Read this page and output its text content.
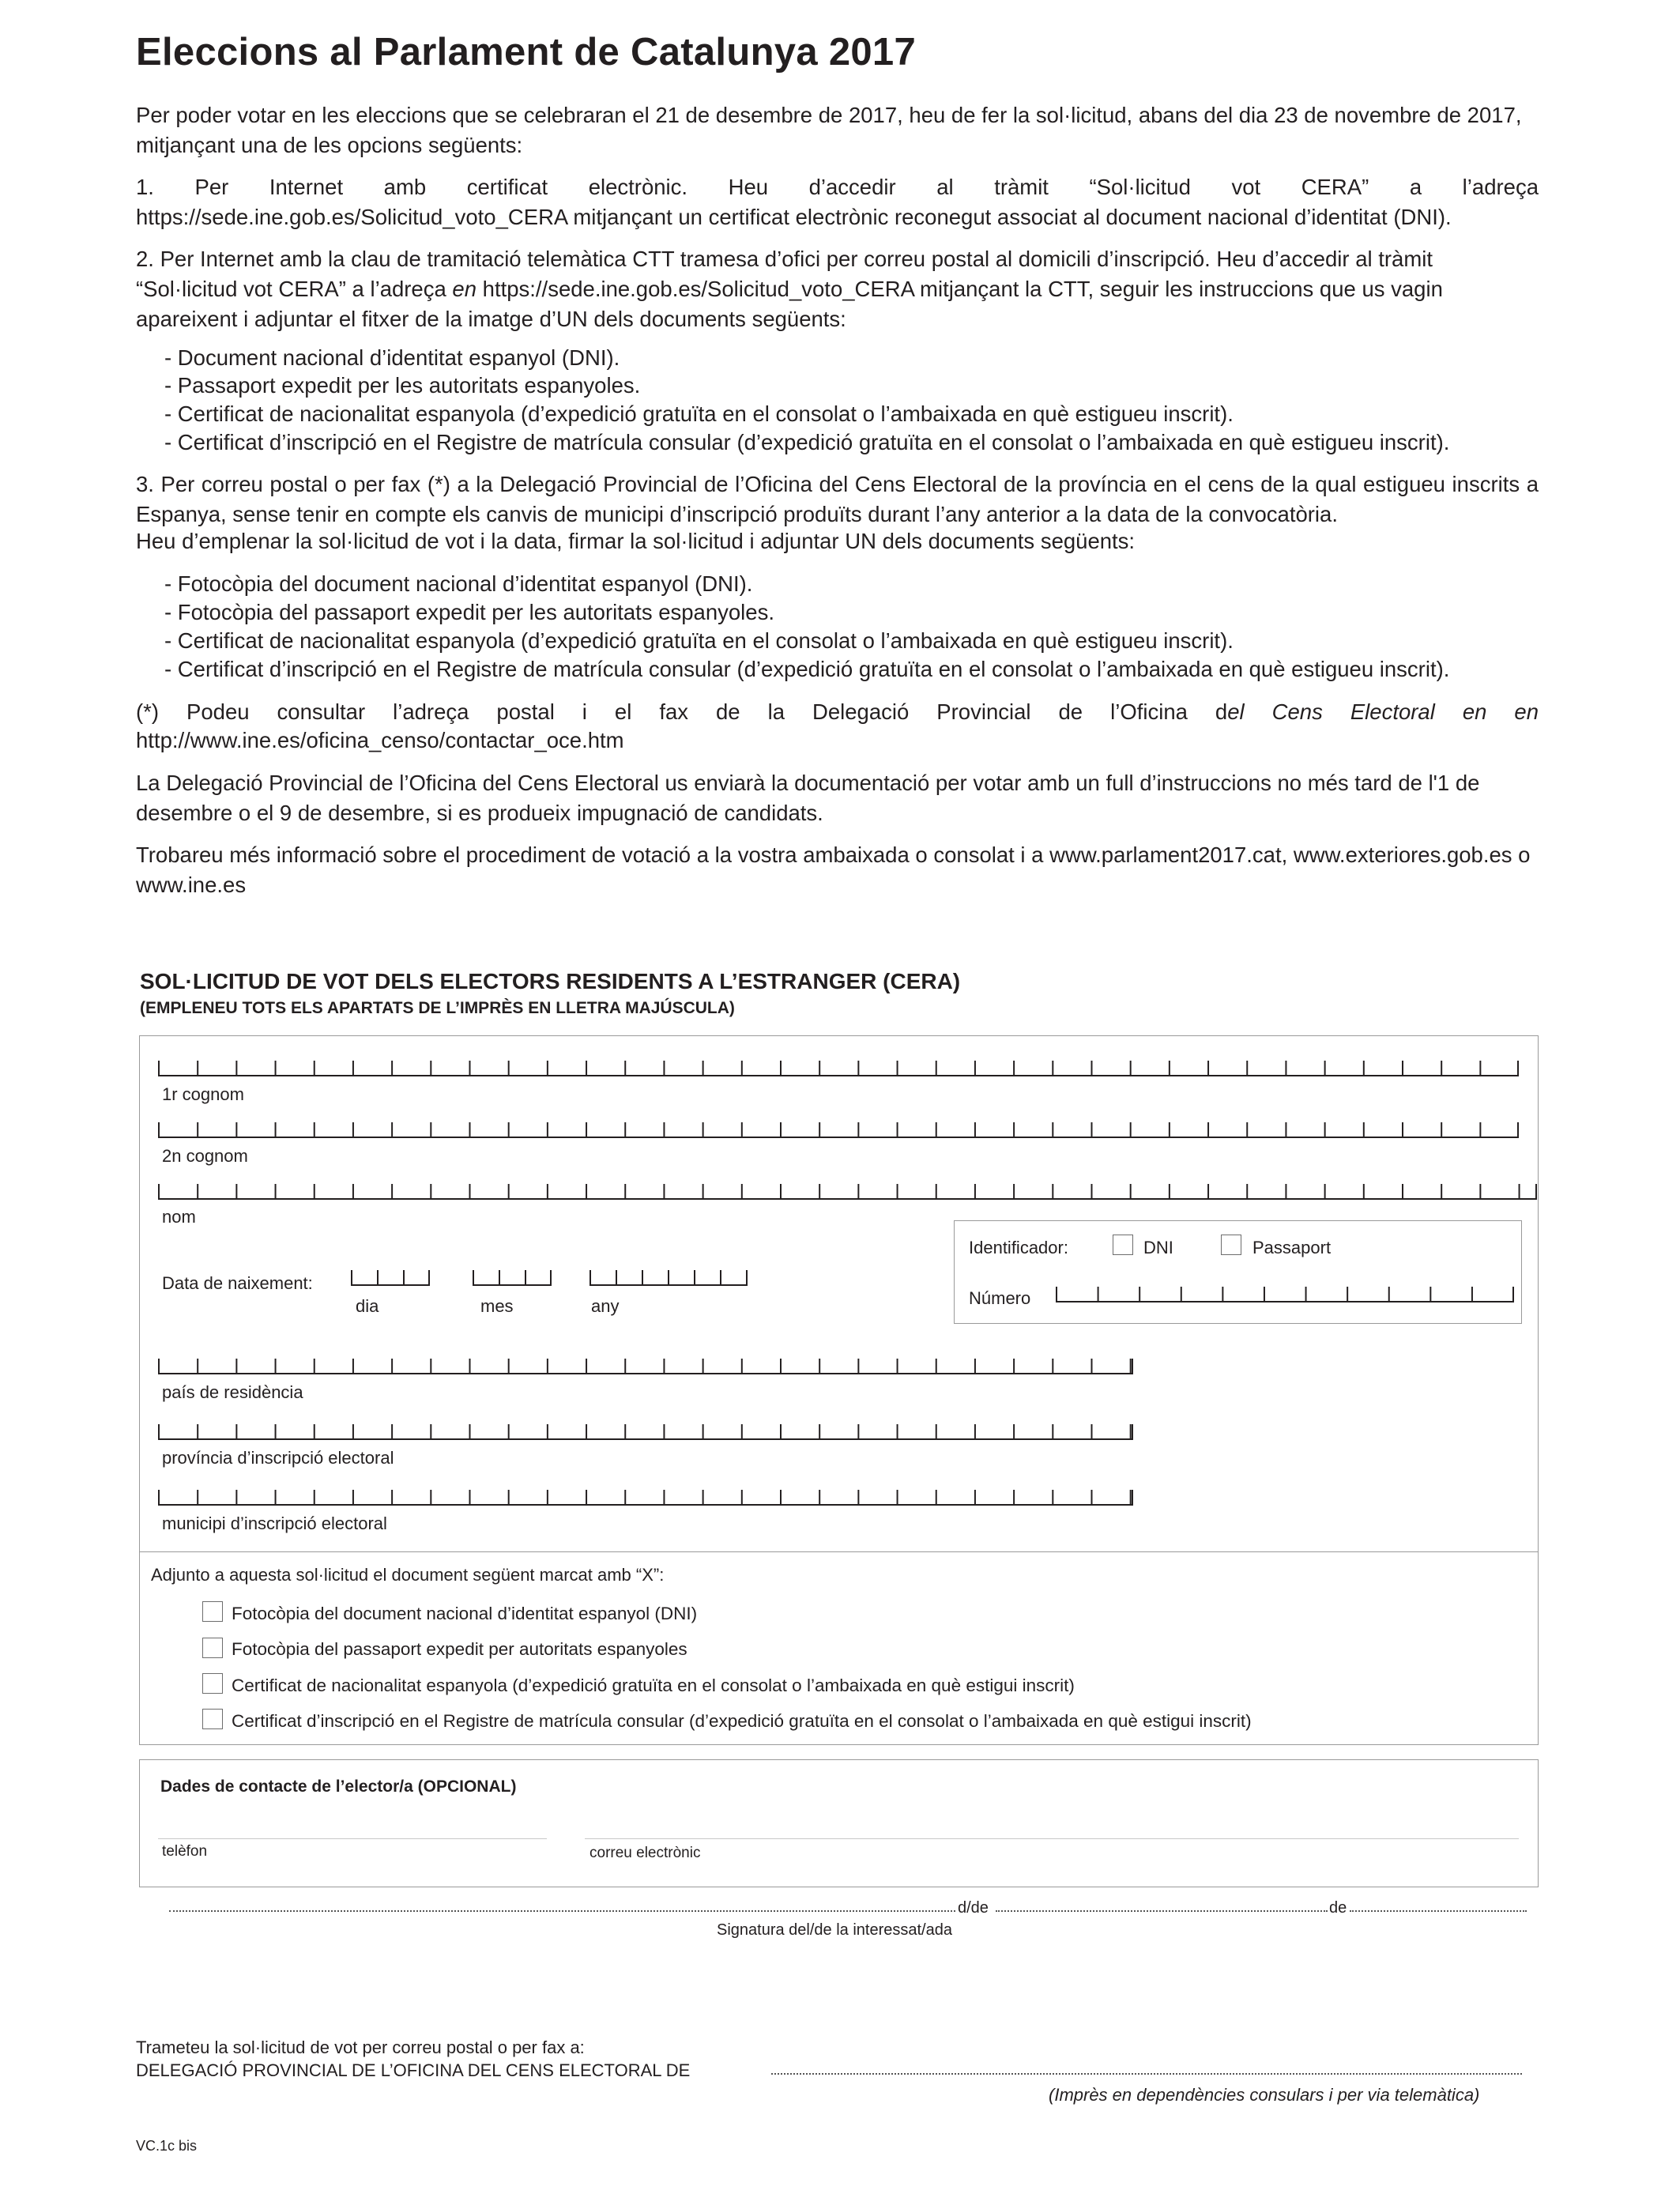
Eleccions al Parlament de Catalunya 2017

Per poder votar en les eleccions que se celebraran el 21 de desembre de 2017, heu de fer la sol·licitud, abans del dia 23 de novembre de 2017, mitjançant una de les opcions següents:

1. Per Internet amb certificat electrònic. Heu d’accedir al tràmit “Sol·licitud vot CERA” a l’adreça
https://sede.ine.gob.es/Solicitud_voto_CERA mitjançant un certificat electrònic reconegut associat al document nacional d’identitat (DNI).

2. Per Internet amb la clau de tramitació telemàtica CTT tramesa d’ofici per correu postal al domicili d’inscripció. Heu d’accedir al tràmit “Sol·licitud vot CERA” a l’adreça en https://sede.ine.gob.es/Solicitud_voto_CERA mitjançant la CTT, seguir les instruccions que us vagin apareixent i adjuntar el fitxer de la imatge d’UN dels documents següents:

- Document nacional d’identitat espanyol (DNI).
- Passaport expedit per les autoritats espanyoles.
- Certificat de nacionalitat espanyola (d’expedició gratuïta en el consolat o l’ambaixada en què estigueu inscrit).
- Certificat d’inscripció en el Registre de matrícula consular (d’expedició gratuïta en el consolat o l’ambaixada en què estigueu inscrit).

3. Per correu postal o per fax (*) a la Delegació Provincial de l’Oficina del Cens Electoral de la província en el cens de la qual estigueu inscrits a Espanya, sense tenir en compte els canvis de municipi d’inscripció produïts durant l’any anterior a la data de la convocatòria.

Heu d’emplenar la sol·licitud de vot i la data, firmar la sol·licitud i adjuntar UN dels documents següents:
- Fotocòpia del document nacional d’identitat espanyol (DNI).
- Fotocòpia del passaport expedit per les autoritats espanyoles.
- Certificat de nacionalitat espanyola (d’expedició gratuïta en el consolat o l’ambaixada en què estigueu inscrit).
- Certificat d’inscripció en el Registre de matrícula consular (d’expedició gratuïta en el consolat o l’ambaixada en què estigueu inscrit).
(*) Podeu consultar l’adreça postal i el fax de la Delegació Provincial de l’Oficina del Cens Electoral en en
http://www.ine.es/oficina_censo/contactar_oce.htm

La Delegació Provincial de l’Oficina del Cens Electoral us enviarà la documentació per votar amb un full d’instruccions no més tard de l'1 de desembre o el 9 de desembre, si es produeix impugnació de candidats.

Trobareu més informació sobre el procediment de votació a la vostra ambaixada o consolat i a www.parlament2017.cat, www.exteriores.gob.es o www.ine.es

SOL·LICITUD DE VOT DELS ELECTORS RESIDENTS A L’ESTRANGER (CERA)
(EMPLENEU TOTS ELS APARTATS DE L’IMPRÈS EN LLETRA MAJÚSCULA)
1r cognom
2n cognom
nom
Data de naixement:
dia	mes	any
Identificador:	DNI	Passaport
Número
país de residència
província d’inscripció electoral
municipi d’inscripció electoral
Adjunto a aquesta sol·licitud el document següent marcat amb “X”:
Fotocòpia del document nacional d’identitat espanyol (DNI)
Fotocòpia del passaport expedit per autoritats espanyoles
Certificat de nacionalitat espanyola (d’expedició gratuïta en el consolat o l’ambaixada en què estigui inscrit)
Certificat d’inscripció en el Registre de matrícula consular (d’expedició gratuïta en el consolat o l’ambaixada en què estigui inscrit)
Dades de contacte de l’elector/a (OPCIONAL)
telèfon	correu electrònic
d/de	de
Signatura del/de la interessat/ada
Trameteu la sol·licitud de vot per correu postal o per fax a:
DELEGACIÓ PROVINCIAL DE L’OFICINA DEL CENS ELECTORAL DE
(Imprès en dependències consulars i per via telemàtica)
VC.1c bis
